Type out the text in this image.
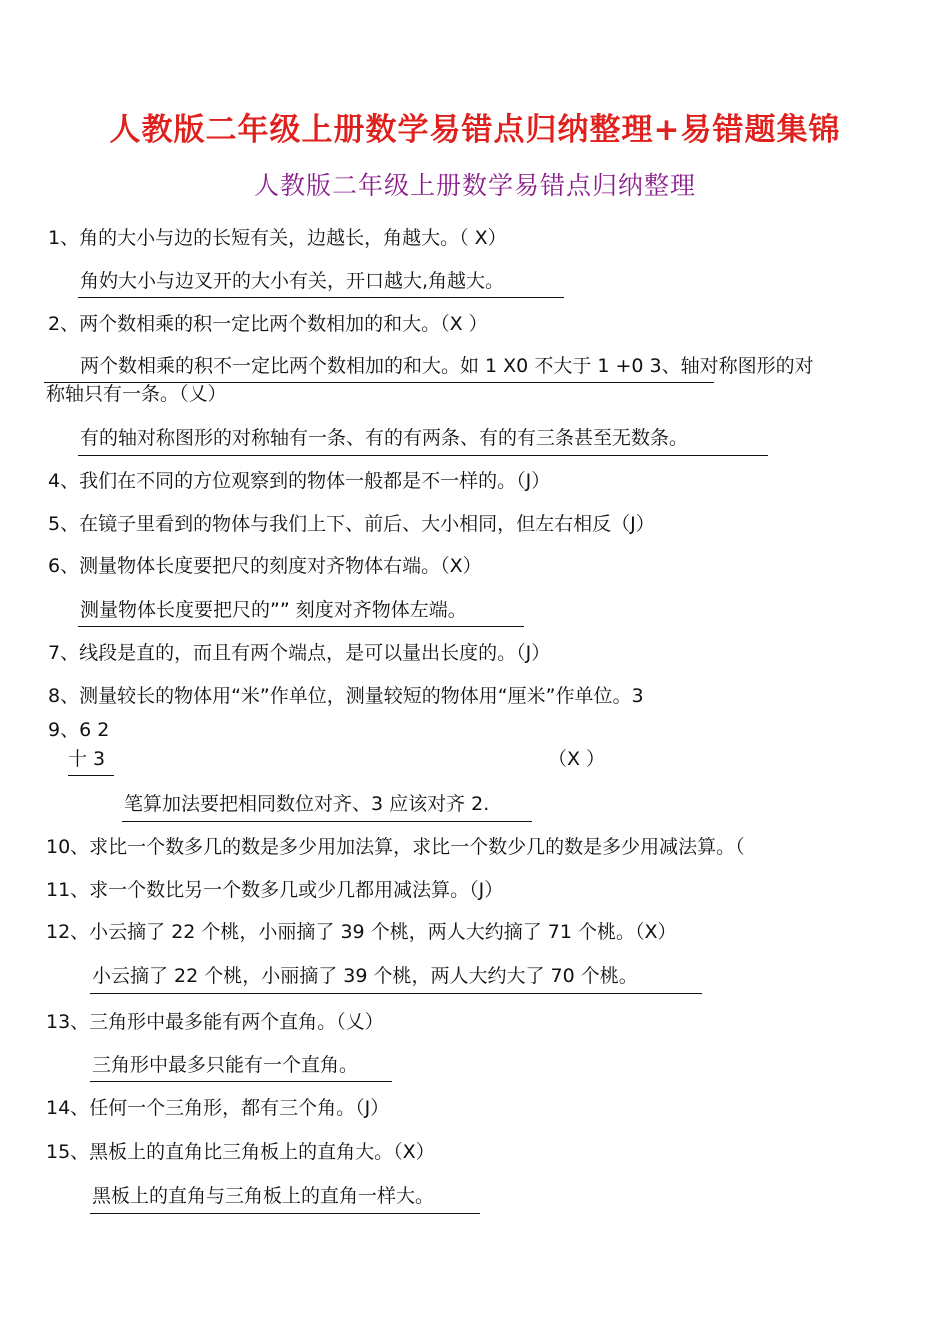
人教版二年级上册数学易错点归纳整理+易错题集锦
人教版二年级上册数学易错点归纳整理
1、角的大小与边的长短有关，边越长，角越大。（ X）
角妁大小与边叉开的大小有关，开口越大,角越大。
2、两个数相乘的积一定比两个数相加的和大。（X ）
两个数相乘的积不一定比两个数相加的和大。如 1 X0 不大于 1 +0 3、轴对称图形的对
称轴只有一条。（乂）
有的轴对称图形的对称轴有一条、有的有两条、有的有三条甚至无数条。
4、我们在不同的方位观察到的物体一般都是不一样的。（J）
5、在镜子里看到的物体与我们上下、前后、大小相同，但左右相反（J）
6、测量物体长度要把尺的刻度对齐物体右端。（X）
测量物体长度要把尺的”” 刻度对齐物体左端。
7、线段是直的，而且有两个端点，是可以量出长度的。（J）
8、测量较长的物体用“米”作单位，测量较短的物体用“厘米”作单位。3
9、6 2
十 3	（X ）
笔算加法要把相同数位对齐、3 应该对齐 2.
10、求比一个数多几的数是多少用加法算，求比一个数少几的数是多少用减法算。（
11、求一个数比另一个数多几或少几都用减法算。（J）
12、小云摘了 22 个桃，小丽摘了 39 个桃，两人大约摘了 71 个桃。（X）
小云摘了 22 个桃，小丽摘了 39 个桃，两人大约大了 70 个桃。
13、三角形中最多能有两个直角。（乂）
三角形中最多只能有一个直角。
14、任何一个三角形，都有三个角。（J）
15、黑板上的直角比三角板上的直角大。（X）
黑板上的直角与三角板上的直角一样大。
